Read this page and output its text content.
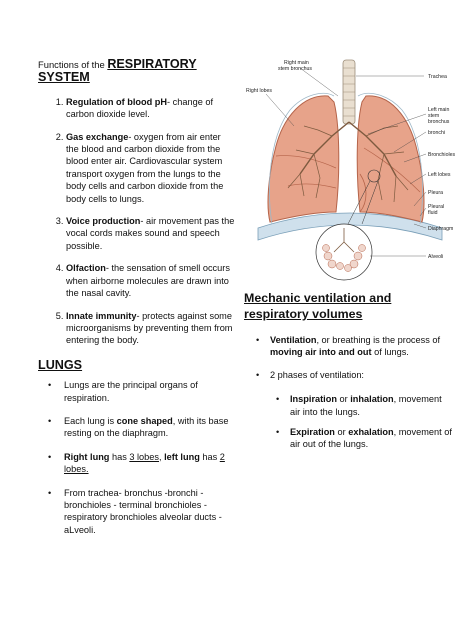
Functions of the RESPIRATORY
SYSTEM
1. Regulation of blood pH- change of carbon dioxide level.
2. Gas exchange- oxygen from air enter the blood and carbon dioxide from the blood enter air. Cardiovascular system transport oxygen from the lungs to the body cells and carbon dioxide from the body cells to lungs.
3. Voice production- air movement pas the vocal cords makes sound and speech possible.
4. Olfaction- the sensation of smell occurs when airborne molecules are drawn into the nasal cavity.
5. Innate immunity- protects against some microorganisms by preventing them from entering the body.
LUNGS
• Lungs are the principal organs of respiration.
• Each lung is cone shaped, with its base resting on the diaphragm.
• Right lung has 3 lobes, left lung has 2 lobes.
• From trachea- bronchus -bronchi - bronchioles - terminal bronchioles -respiratory bronchioles alveolar ducts - aLveoli.
Right main
stem bronchus
Right lobes
Trachea
Left main
stem
bronchus
bronchi
Bronchioles
Left lobes
Pleura
Pleural
fluid
Diaphragm
Alveoli
Mechanic ventilation and respiratory volumes
• Ventilation, or breathing is the process of moving air into and out of lungs.
• 2 phases of ventilation:
• Inspiration or inhalation, movement air into the lungs.
• Expiration or exhalation, movement of air out of the lungs.
